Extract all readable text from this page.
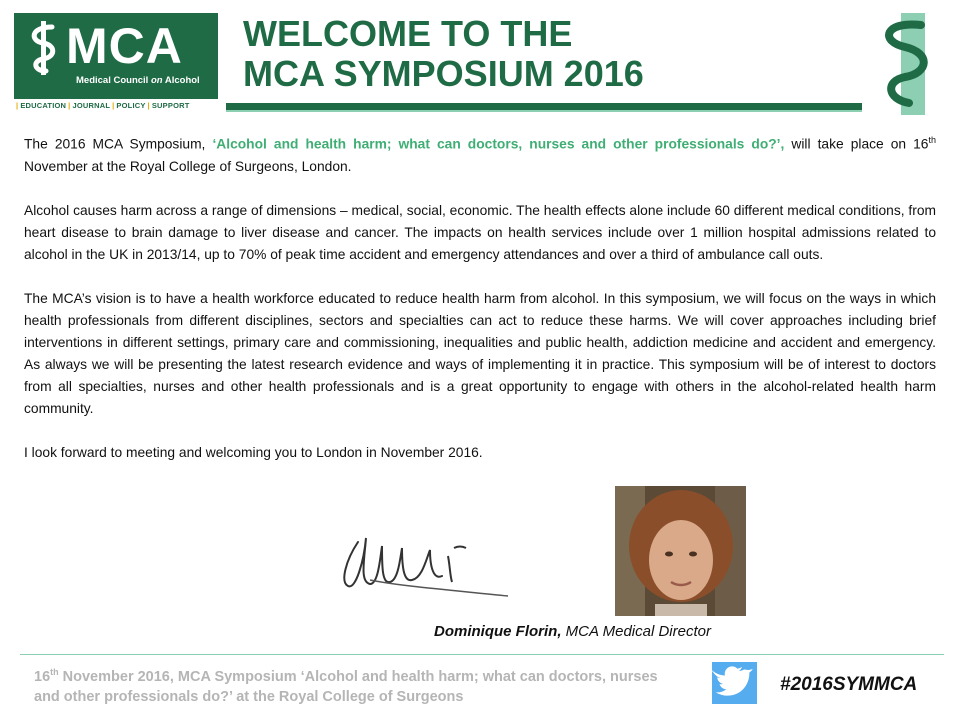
MCA
Medical Council on Alcohol
| EDUCATION | JOURNAL | POLICY | SUPPORT
WELCOME TO THE
MCA SYMPOSIUM 2016

The 2016 MCA Symposium, ‘Alcohol and health harm; what can doctors, nurses and other professionals do?’, will take place on 16th November at the Royal College of Surgeons, London.

Alcohol causes harm across a range of dimensions – medical, social, economic. The health effects alone include 60 different medical conditions, from heart disease to brain damage to liver disease and cancer. The impacts on health services include over 1 million hospital admissions related to alcohol in the UK in 2013/14, up to 70% of peak time accident and emergency attendances and over a third of ambulance call outs.

The MCA’s vision is to have a health workforce educated to reduce health harm from alcohol. In this symposium, we will focus on the ways in which health professionals from different disciplines, sectors and specialties can act to reduce these harms. We will cover approaches including brief interventions in different settings, primary care and commissioning, inequalities and public health, addiction medicine and accident and emergency. As always we will be presenting the latest research evidence and ways of implementing it in practice. This symposium will be of interest to doctors from all specialties, nurses and other health professionals and is a great opportunity to engage with others in the alcohol-related health harm community.

I look forward to meeting and welcoming you to London in November 2016.

Dominique Florin, MCA Medical Director
16th November 2016, MCA Symposium ‘Alcohol and health harm; what can doctors, nurses and other professionals do?’ at the Royal College of Surgeons
#2016SYMMCA
